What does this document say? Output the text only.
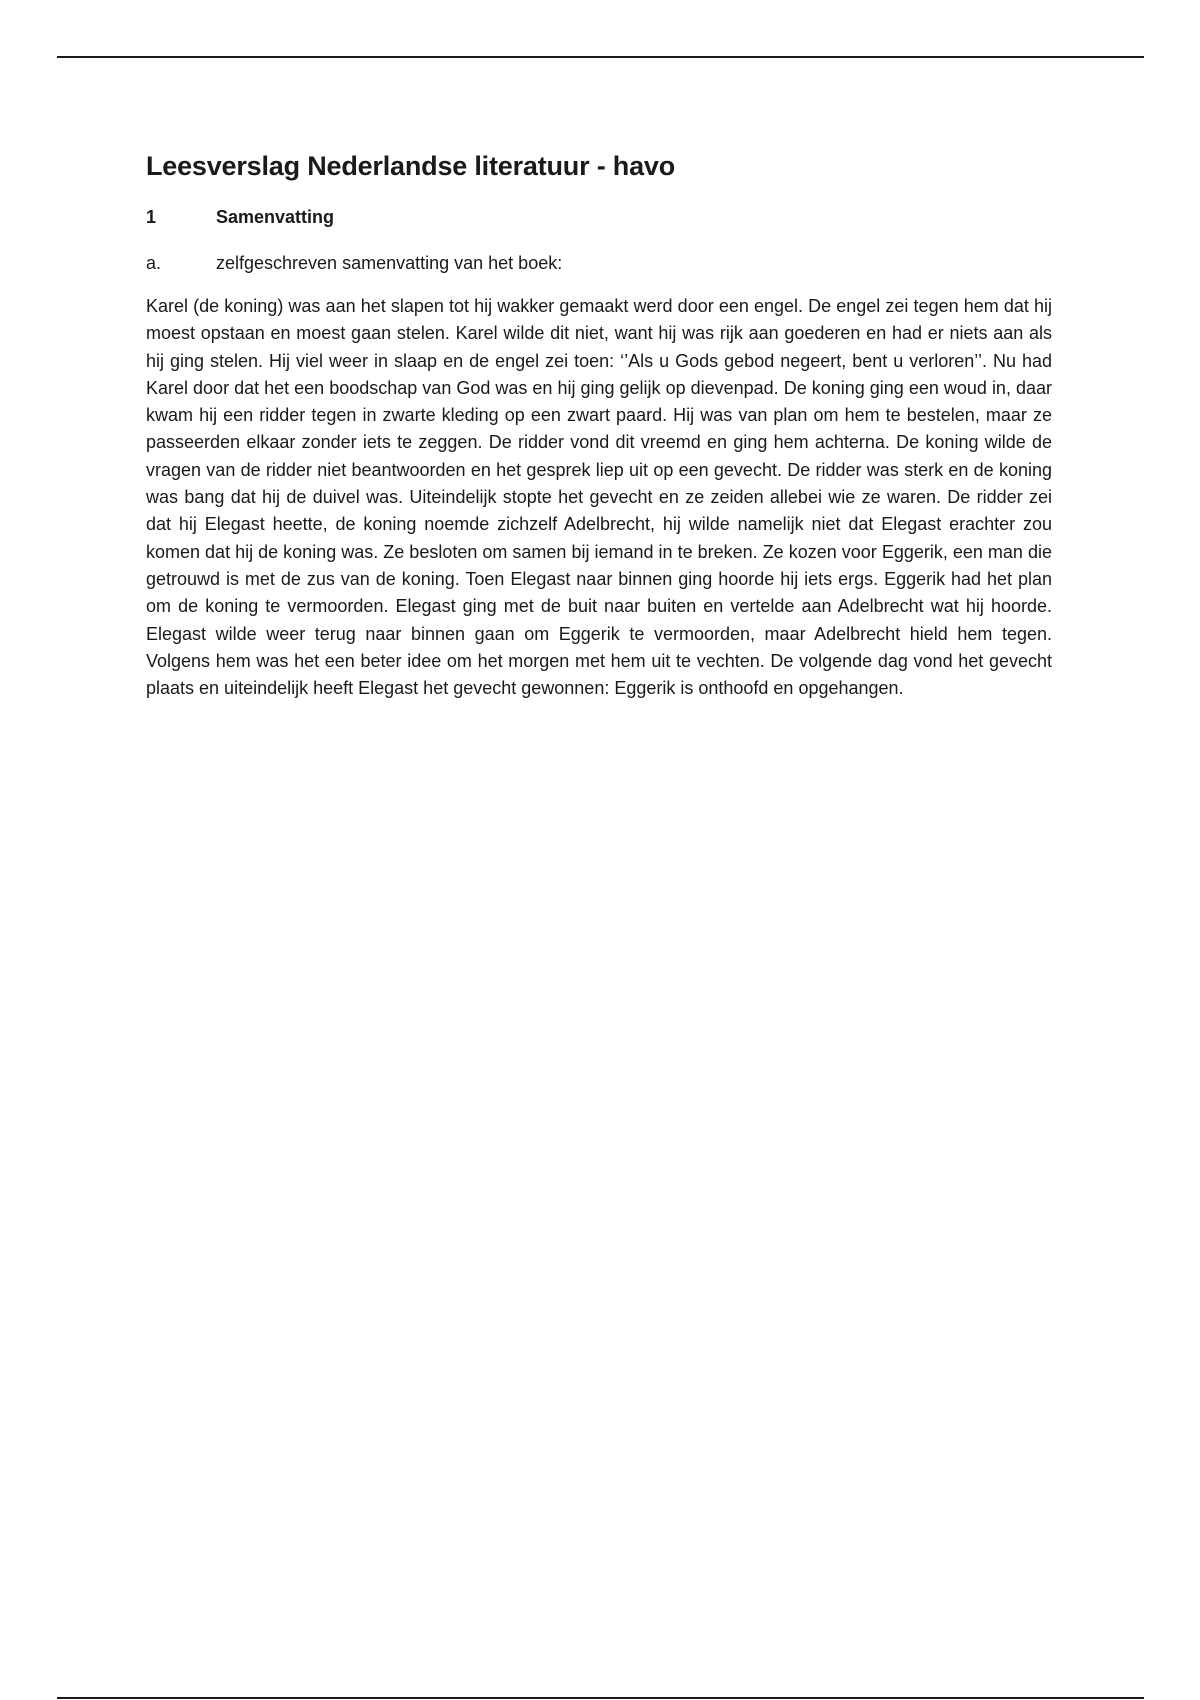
Leesverslag Nederlandse literatuur - havo
1	Samenvatting
a.	zelfgeschreven samenvatting van het boek:

Karel (de koning) was aan het slapen tot hij wakker gemaakt werd door een engel. De engel zei tegen hem dat hij moest opstaan en moest gaan stelen. Karel wilde dit niet, want hij was rijk aan goederen en had er niets aan als hij ging stelen. Hij viel weer in slaap en de engel zei toen: ‘’Als u Gods gebod negeert, bent u verloren’’. Nu had Karel door dat het een boodschap van God was en hij ging gelijk op dievenpad. De koning ging een woud in, daar kwam hij een ridder tegen in zwarte kleding op een zwart paard. Hij was van plan om hem te bestelen, maar ze passeerden elkaar zonder iets te zeggen. De ridder vond dit vreemd en ging hem achterna. De koning wilde de vragen van de ridder niet beantwoorden en het gesprek liep uit op een gevecht. De ridder was sterk en de koning was bang dat hij de duivel was. Uiteindelijk stopte het gevecht en ze zeiden allebei wie ze waren. De ridder zei dat hij Elegast heette, de koning noemde zichzelf Adelbrecht, hij wilde namelijk niet dat Elegast erachter zou komen dat hij de koning was. Ze besloten om samen bij iemand in te breken. Ze kozen voor Eggerik, een man die getrouwd is met de zus van de koning. Toen Elegast naar binnen ging hoorde hij iets ergs. Eggerik had het plan om de koning te vermoorden. Elegast ging met de buit naar buiten en vertelde aan Adelbrecht wat hij hoorde. Elegast wilde weer terug naar binnen gaan om Eggerik te vermoorden, maar Adelbrecht hield hem tegen. Volgens hem was het een beter idee om het morgen met hem uit te vechten. De volgende dag vond het gevecht plaats en uiteindelijk heeft Elegast het gevecht gewonnen: Eggerik is onthoofd en opgehangen.
